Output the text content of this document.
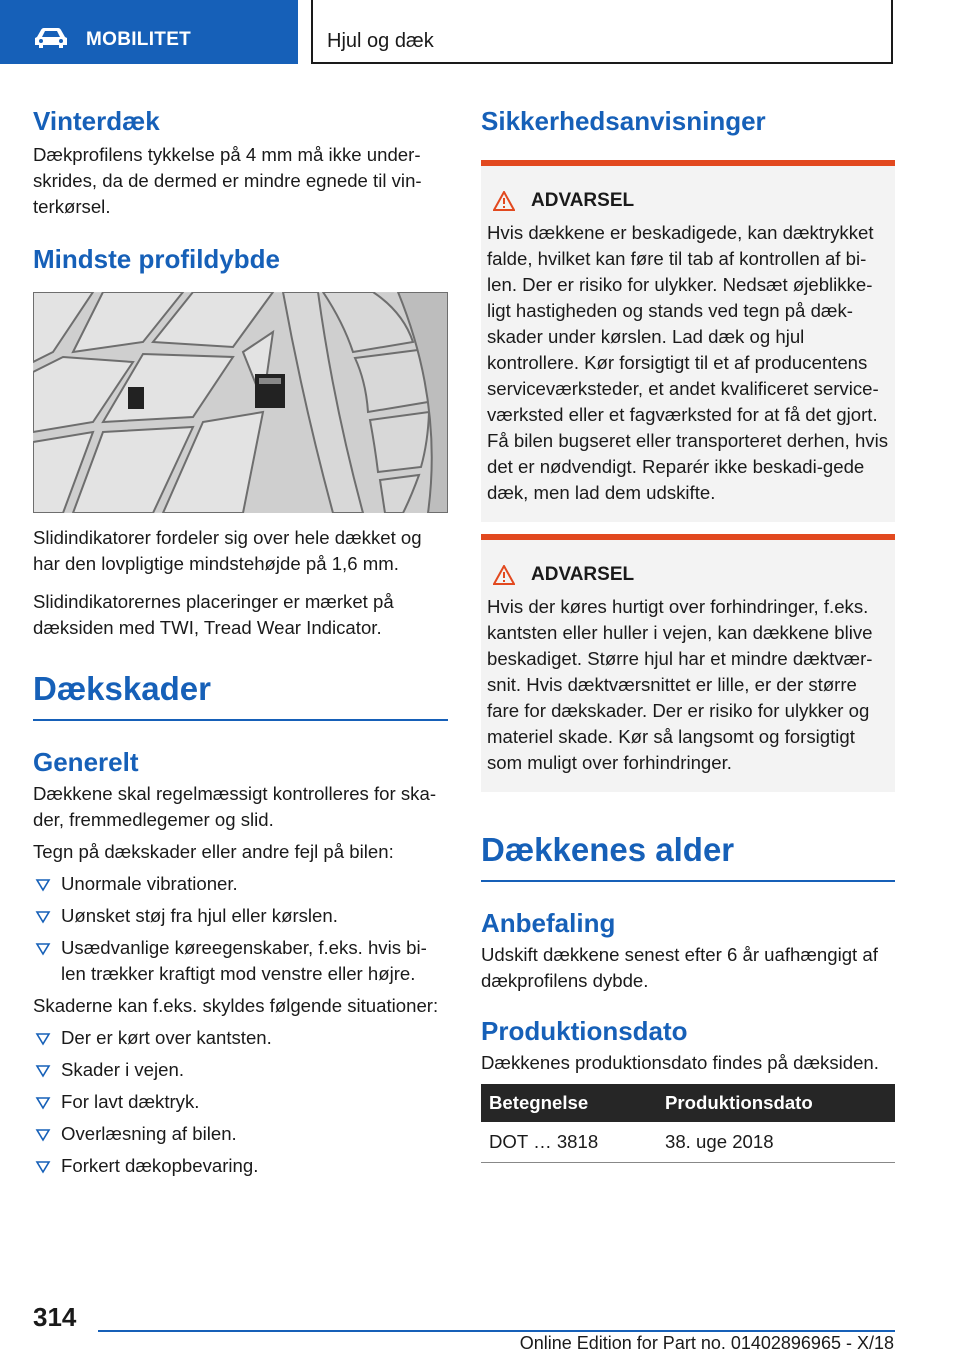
MOBILITET	Hjul og dæk
Vinterdæk

Dækprofilens tykkelse på 4 mm må ikke under-skrides, da de dermed er mindre egnede til vin-terkørsel.

Mindste profildybde

Slidindikatorer fordeler sig over hele dækket og har den lovpligtige mindstehøjde på 1,6 mm.

Slidindikatorernes placeringer er mærket på dæksiden med TWI, Tread Wear Indicator.

Dækskader
Generelt

Dækkene skal regelmæssigt kontrolleres for ska-der, fremmedlegemer og slid.

Tegn på dækskader eller andre fejl på bilen:

Unormale vibrationer.
Uønsket støj fra hjul eller kørslen.
Usædvanlige køreegenskaber, f.eks. hvis bi-len trækker kraftigt mod venstre eller højre.

Skaderne kan f.eks. skyldes følgende situationer:

Der er kørt over kantsten.
Skader i vejen.
For lavt dæktryk.
Overlæsning af bilen.
Forkert dækopbevaring.
Sikkerhedsanvisninger
ADVARSEL

Hvis dækkene er beskadigede, kan dæktrykket falde, hvilket kan føre til tab af kontrollen af bi-len. Der er risiko for ulykker. Nedsæt øjeblikke-ligt hastigheden og stands ved tegn på dæk-skader under kørslen. Lad dæk og hjul kontrollere. Kør forsigtigt til et af producentens serviceværksteder, et andet kvalificeret service-værksted eller et fagværksted for at få det gjort. Få bilen bugseret eller transporteret derhen, hvis det er nødvendigt. Reparér ikke beskadi-gede dæk, men lad dem udskifte.

ADVARSEL

Hvis der køres hurtigt over forhindringer, f.eks. kantsten eller huller i vejen, kan dækkene blive beskadiget. Større hjul har et mindre dæktvær-snit. Hvis dæktværsnittet er lille, er der større fare for dækskader. Der er risiko for ulykker og materiel skade. Kør så langsomt og forsigtigt som muligt over forhindringer.

Dækkenes alder
Anbefaling

Udskift dækkene senest efter 6 år uafhængigt af dækprofilens dybde.

Produktionsdato

Dækkenes produktionsdato findes på dæksiden.

Betegnelse	Produktionsdato
DOT … 3818	38. uge 2018
314
Online Edition for Part no. 01402896965 - X/18
